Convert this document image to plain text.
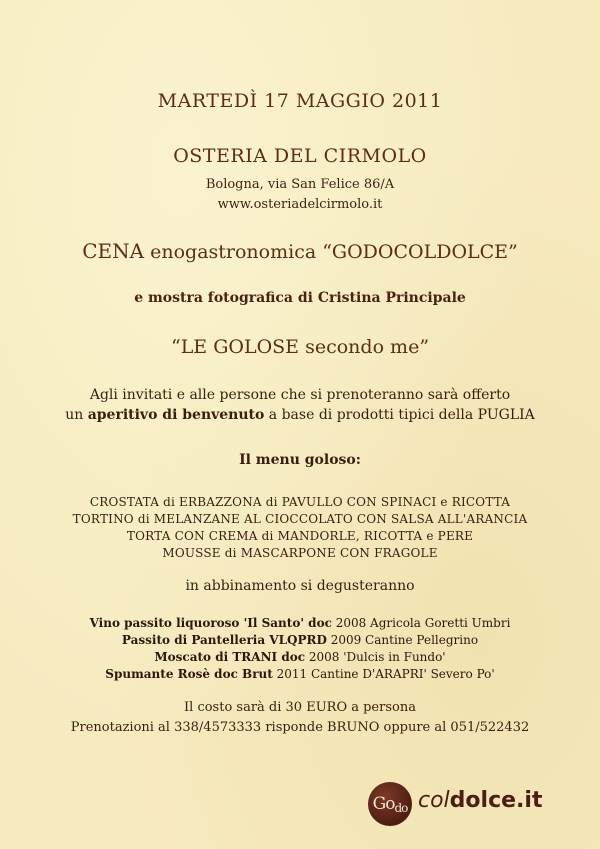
MARTEDÌ 17 MAGGIO 2011
OSTERIA DEL CIRMOLO
Bologna, via San Felice 86/A
www.osteriadelcirmolo.it
CENA enogastronomica “GODOCOLDOLCE”
e mostra fotografica di Cristina Principale
“LE GOLOSE secondo me”
Agli invitati e alle persone che si prenoteranno sarà offerto
un aperitivo di benvenuto a base di prodotti tipici della PUGLIA
Il menu goloso:
CROSTATA di ERBAZZONA di PAVULLO CON SPINACI e RICOTTA
TORTINO di MELANZANE AL CIOCCOLATO CON SALSA ALL'ARANCIA
TORTA CON CREMA di MANDORLE, RICOTTA e PERE
MOUSSE di MASCARPONE CON FRAGOLE
in abbinamento si degusteranno
Vino passito liquoroso 'Il Santo' doc 2008 Agricola Goretti Umbri
Passito di Pantelleria VLQPRD 2009 Cantine Pellegrino
Moscato di TRANI doc 2008 'Dulcis in Fundo'
Spumante Rosè doc Brut 2011 Cantine D'ARAPRI' Severo Po'
Il costo sarà di 30 EURO a persona
Prenotazioni al 338/4573333 risponde BRUNO oppure al 051/522432
Go do coldolce.it
